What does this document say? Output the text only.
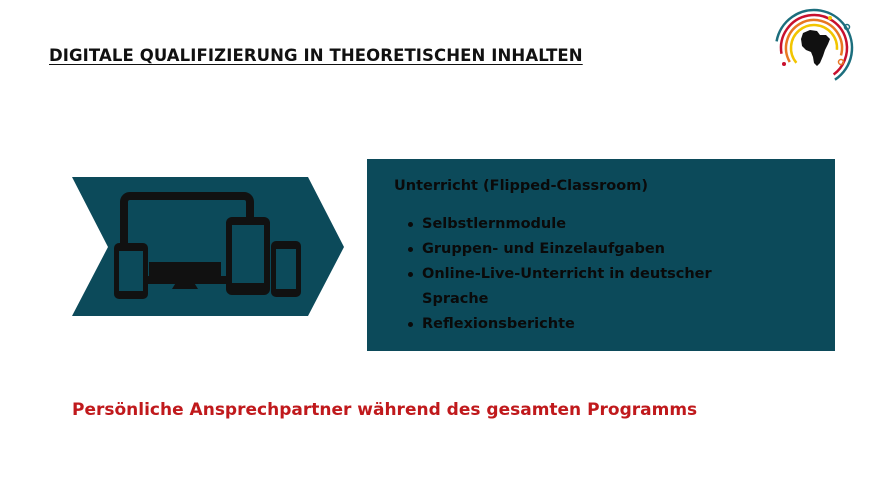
DIGITALE QUALIFIZIERUNG IN THEORETISCHEN INHALTEN
Unterricht (Flipped-Classroom)
Selbstlernmodule
Gruppen- und Einzelaufgaben
Online-Live-Unterricht in deutscher Sprache
Reflexionsberichte
Persönliche Ansprechpartner während des gesamten Programms
